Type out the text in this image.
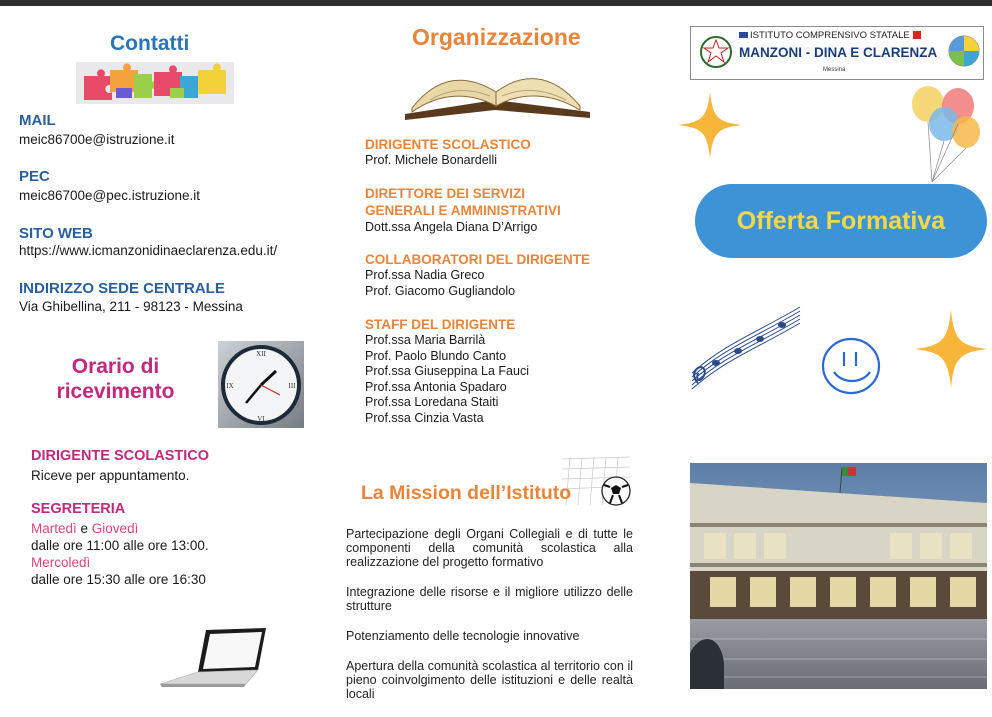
Contatti
MAIL
meic86700e@istruzione.it
PEC
meic86700e@pec.istruzione.it
SITO WEB
https://www.icmanzonidinaeclarenza.edu.it/
INDIRIZZO SEDE CENTRALE
Via Ghibellina, 211 - 98123 - Messina
Orario di
ricevimento
XII
III
VI
IX
DIRIGENTE SCOLASTICO
Riceve per appuntamento.
SEGRETERIA
Martedì e Giovedì
dalle ore 11:00 alle ore 13:00.
Mercoledì
dalle ore 15:30 alle ore 16:30
Organizzazione
DIRIGENTE SCOLASTICO
Prof. Michele Bonardelli
DIRETTORE DEI SERVIZI
GENERALI E AMMINISTRATIVI
Dott.ssa Angela Diana D’Arrigo
COLLABORATORI DEL DIRIGENTE
Prof.ssa Nadia Greco
Prof. Giacomo Gugliandolo
STAFF DEL DIRIGENTE
Prof.ssa Maria Barrilà
Prof. Paolo Blundo Canto
Prof.ssa Giuseppina La Fauci
Prof.ssa Antonia Spadaro
Prof.ssa Loredana Staiti
Prof.ssa Cinzia Vasta
La Mission dell’Istituto

Partecipazione degli Organi Collegiali e di tutte le componenti della comunità scolastica alla realizzazione del progetto formativo

Integrazione delle risorse e il migliore utilizzo delle strutture

Potenziamento delle tecnologie innovative

Apertura della comunità scolastica al territorio con il pieno coinvolgimento delle istituzioni e delle realtà locali

ISTITUTO COMPRENSIVO STATALE
MANZONI - DINA E CLARENZA
Messina
Offerta Formativa
